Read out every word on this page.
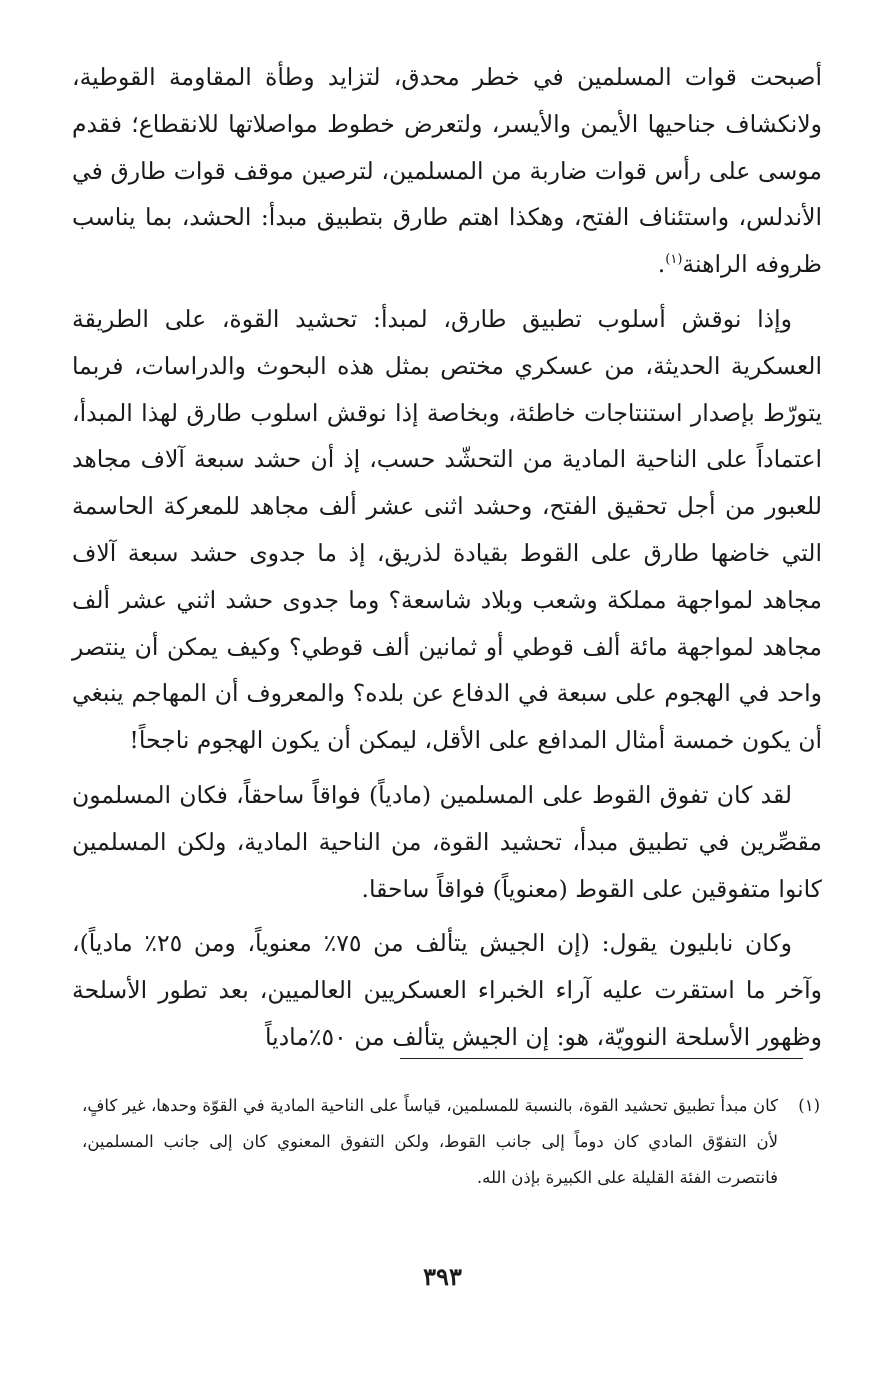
أصبحت قوات المسلمين في خطر محدق، لتزايد وطأة المقاومة القوطية، ولانكشاف جناحيها الأيمن والأيسر، ولتعرض خطوط مواصلاتها للانقطاع؛ فقدم موسى على رأس قوات ضاربة من المسلمين، لترصين موقف قوات طارق في الأندلس، واستئناف الفتح، وهكذا اهتم طارق بتطبيق مبدأ: الحشد، بما يناسب ظروفه الراهنة$^{(١)}$.

وإذا نوقش أسلوب تطبيق طارق، لمبدأ: تحشيد القوة، على الطريقة العسكرية الحديثة، من عسكري مختص بمثل هذه البحوث والدراسات، فربما يتورّط بإصدار استنتاجات خاطئة، وبخاصة إذا نوقش اسلوب طارق لهذا المبدأ، اعتماداً على الناحية المادية من التحشّد حسب، إذ أن حشد سبعة آلاف مجاهد للعبور من أجل تحقيق الفتح، وحشد اثنى عشر ألف مجاهد للمعركة الحاسمة التي خاضها طارق على القوط بقيادة لذريق، إذ ما جدوى حشد سبعة آلاف مجاهد لمواجهة مملكة وشعب وبلاد شاسعة؟ وما جدوى حشد اثني عشر ألف مجاهد لمواجهة مائة ألف قوطي أو ثمانين ألف قوطي؟ وكيف يمكن أن ينتصر واحد في الهجوم على سبعة في الدفاع عن بلده؟ والمعروف أن المهاجم ينبغي أن يكون خمسة أمثال المدافع على الأقل، ليمكن أن يكون الهجوم ناجحاً!

لقد كان تفوق القوط على المسلمين (مادياً) فواقاً ساحقاً، فكان المسلمون مقصِّرين في تطبيق مبدأ، تحشيد القوة، من الناحية المادية، ولكن المسلمين كانوا متفوقين على القوط (معنوياً) فواقاً ساحقا.

وكان نابليون يقول: (إن الجيش يتألف من ٧٥٪ معنوياً، ومن ٢٥٪ مادياً)، وآخر ما استقرت عليه آراء الخبراء العسكريين العالميين، بعد تطور الأسلحة وظهور الأسلحة النوويّة، هو: إن الجيش يتألف من ٥٠٪مادياً

(١)

كان مبدأ تطبيق تحشيد القوة، بالنسبة للمسلمين، قياساً على الناحية المادية في القوّة وحدها، غير كافٍ، لأن التفوّق المادي كان دوماً إلى جانب القوط، ولكن التفوق المعنوي كان إلى جانب المسلمين، فانتصرت الفئة القليلة على الكبيرة بإذن الله.

٣٩٣
